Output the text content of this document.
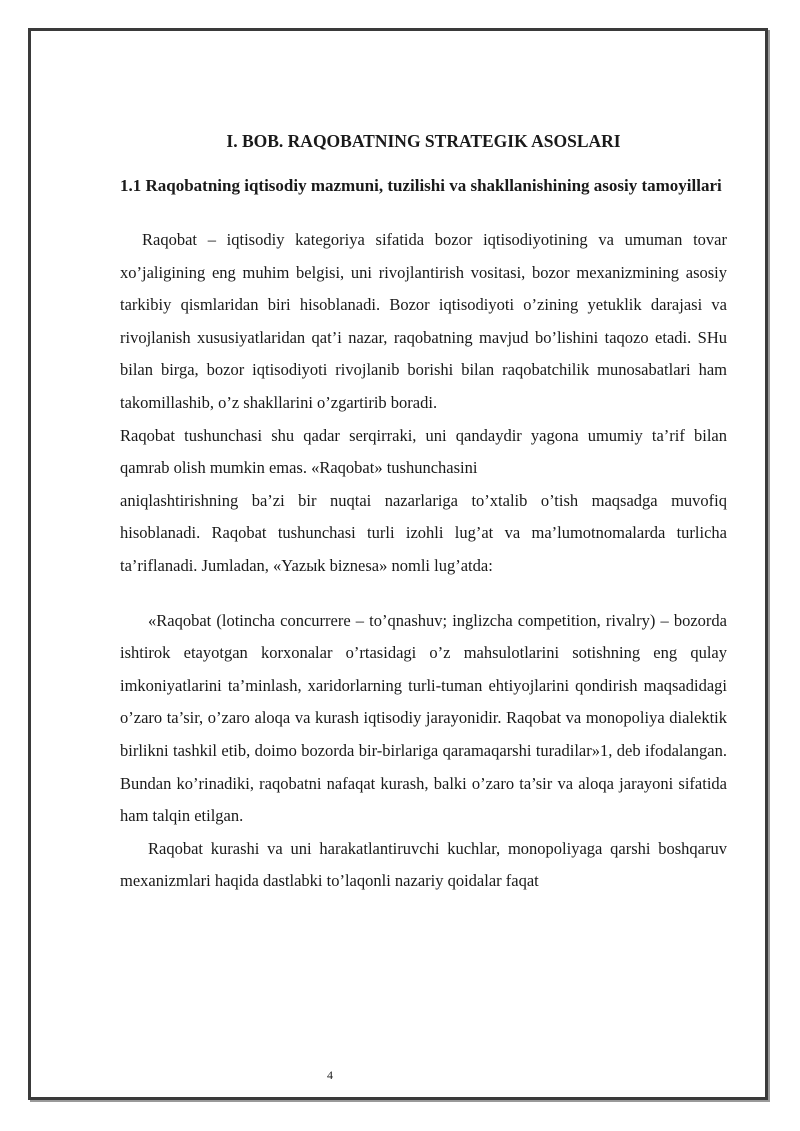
I. BOB. RAQOBATNING STRATEGIK ASOSLARI
1.1 Raqobatning iqtisodiy mazmuni, tuzilishi va shakllanishining asosiy tamoyillari

Raqobat – iqtisodiy kategoriya sifatida bozor iqtisodiyotining va umuman tovar xo’jaligining eng muhim belgisi, uni rivojlantirish vositasi, bozor mexanizmining asosiy tarkibiy qismlaridan biri hisoblanadi. Bozor iqtisodiyoti o’zining yetuklik darajasi va rivojlanish xususiyatlaridan qat’i nazar, raqobatning mavjud bo’lishini taqozo etadi. SHu bilan birga, bozor iqtisodiyoti rivojlanib borishi bilan raqobatchilik munosabatlari ham takomillashib, o’z shakllarini o’zgartirib boradi.

Raqobat tushunchasi shu qadar serqirraki, uni qandaydir yagona umumiy ta’rif bilan qamrab olish mumkin emas. «Raqobat» tushunchasini

aniqlashtirishning ba’zi bir nuqtai nazarlariga to’xtalib o’tish maqsadga muvofiq hisoblanadi. Raqobat tushunchasi turli izohli lug’at va ma’lumotnomalarda turlicha ta’riflanadi. Jumladan, «Yazыk biznesa» nomli lug’atda:

«Raqobat (lotincha concurrere – to’qnashuv; inglizcha competition, rivalry) – bozorda ishtirok etayotgan korxonalar o’rtasidagi o’z mahsulotlarini sotishning eng qulay imkoniyatlarini ta’minlash, xaridorlarning turli-tuman ehtiyojlarini qondirish maqsadidagi o’zaro ta’sir, o’zaro aloqa va kurash iqtisodiy jarayonidir. Raqobat va monopoliya dialektik birlikni tashkil etib, doimo bozorda bir-birlariga qaramaqarshi turadilar»1, deb ifodalangan. Bundan ko’rinadiki, raqobatni nafaqat kurash, balki o’zaro ta’sir va aloqa jarayoni sifatida ham talqin etilgan.

Raqobat kurashi va uni harakatlantiruvchi kuchlar, monopoliyaga qarshi boshqaruv mexanizmlari haqida dastlabki to’laqonli nazariy qoidalar faqat

4
